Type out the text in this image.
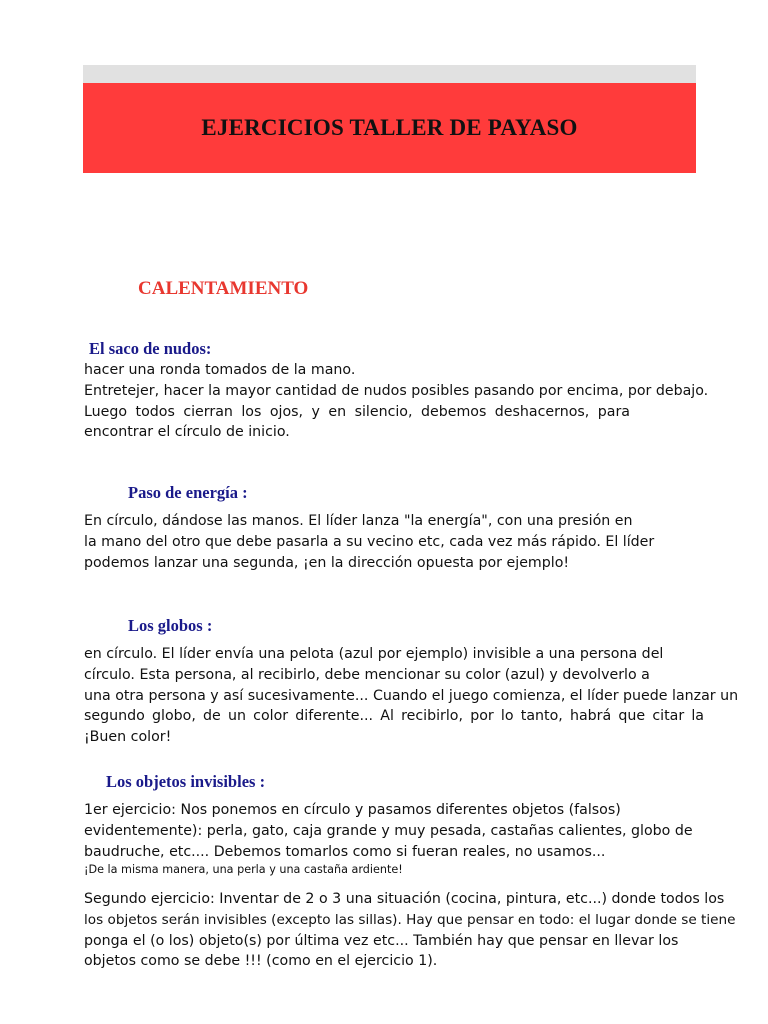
EJERCICIOS TALLER DE PAYASO
CALENTAMIENTO
El saco de nudos:
hacer una ronda tomados de la mano.
Entretejer, hacer la mayor cantidad de nudos posibles pasando por encima, por debajo.
Luego todos cierran los ojos, y en silencio, debemos deshacernos, para
encontrar el círculo de inicio.
Paso de energía :
En círculo, dándose las manos. El líder lanza "la energía", con una presión en
la mano del otro que debe pasarla a su vecino etc, cada vez más rápido. El líder
podemos lanzar una segunda, ¡en la dirección opuesta por ejemplo!
Los globos :
en círculo. El líder envía una pelota (azul por ejemplo) invisible a una persona del
círculo. Esta persona, al recibirlo, debe mencionar su color (azul) y devolverlo a
una otra persona y así sucesivamente... Cuando el juego comienza, el líder puede lanzar un
segundo globo, de un color diferente... Al recibirlo, por lo tanto, habrá que citar la
¡Buen color!
Los objetos invisibles :
1er ejercicio: Nos ponemos en círculo y pasamos diferentes objetos (falsos)
evidentemente): perla, gato, caja grande y muy pesada, castañas calientes, globo de
baudruche, etc.... Debemos tomarlos como si fueran reales, no usamos...
¡De la misma manera, una perla y una castaña ardiente!
Segundo ejercicio: Inventar de 2 o 3 una situación (cocina, pintura, etc...) donde todos los
los objetos serán invisibles (excepto las sillas). Hay que pensar en todo: el lugar donde se tiene
ponga el (o los) objeto(s) por última vez etc... También hay que pensar en llevar los
objetos como se debe !!! (como en el ejercicio 1).
